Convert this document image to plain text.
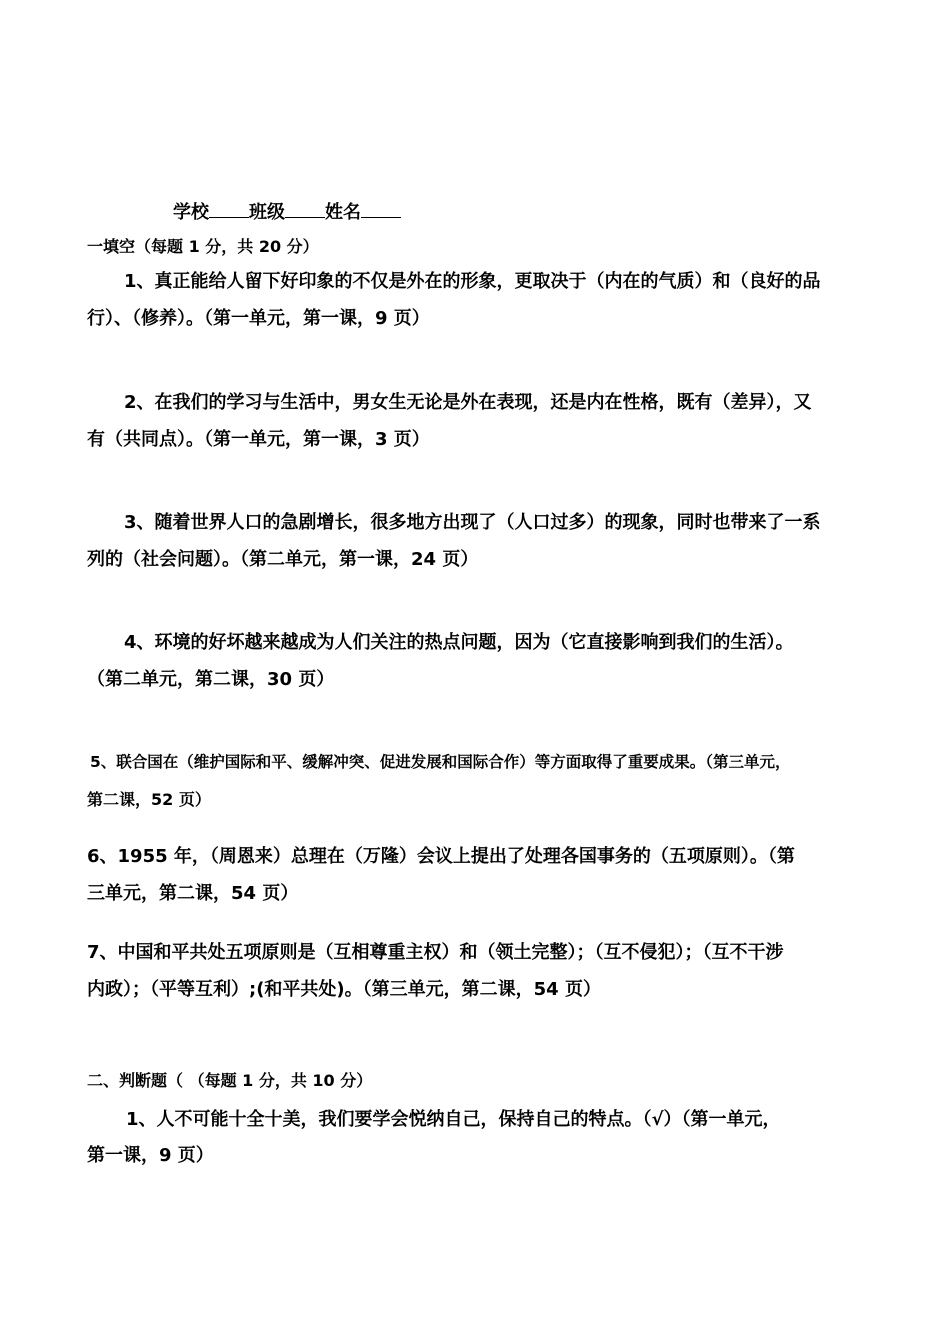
学校 班级 姓名
一填空（每题 1 分，共 20 分）
1、真正能给人留下好印象的不仅是外在的形象，更取决于（内在的气质）和（良好的品
行）、（修养）。（第一单元，第一课，9 页）
2、在我们的学习与生活中，男女生无论是外在表现，还是内在性格，既有（差异），又
有（共同点）。（第一单元，第一课，3 页）
3、随着世界人口的急剧增长，很多地方出现了（人口过多）的现象，同时也带来了一系
列的（社会问题）。（第二单元，第一课，24 页）
4、环境的好坏越来越成为人们关注的热点问题，因为（它直接影响到我们的生活）。
（第二单元，第二课，30 页）
5、联合国在（维护国际和平、缓解冲突、促进发展和国际合作）等方面取得了重要成果。（第三单元，
第二课，52 页）
6、1955 年，（周恩来）总理在（万隆）会议上提出了处理各国事务的（五项原则）。（第
三单元，第二课，54 页）
7、中国和平共处五项原则是（互相尊重主权）和（领土完整）；（互不侵犯）；（互不干涉
内政）；（平等互利）;(和平共处)。（第三单元，第二课，54 页）
二、判断题（ （每题 1 分，共 10 分）
1、人不可能十全十美，我们要学会悦纳自己，保持自己的特点。（√）（第一单元，
第一课，9 页）
